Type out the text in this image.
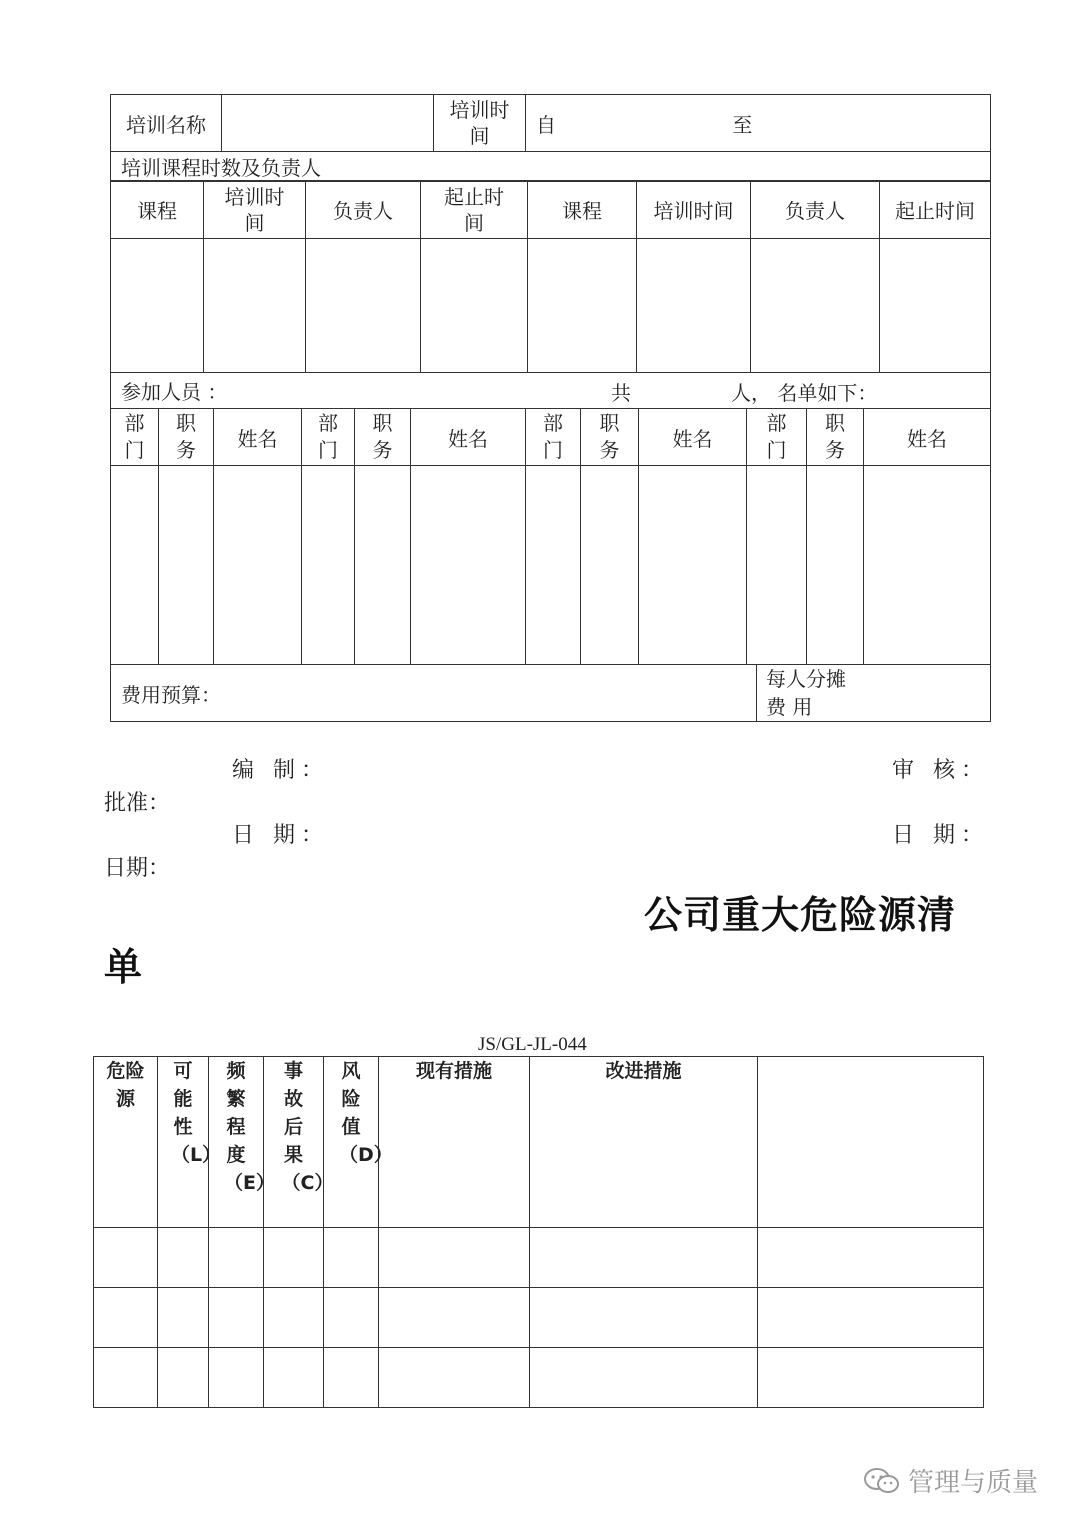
培训名称		培训时间	自	至
培训课程时数及负责人
课程	培训时间	负责人	起止时间	课程	培训时间	负责人	起止时间

参加人员 ：	共	人， 名单如下：
部门	职务	姓名	部门	职务	姓名	部门	职务	姓名	部门	职务	姓名

费用预算：	每人分摊费 用
编 制：	审 核：
批准：
日 期：	日 期：
日期：
公司重大危险源清
单
JS/GL-JL-044
危险源	可能性（L）	频繁程度（E）	事故后果（C）	风险值（D）	现有措施	改进措施	

管理与质量
